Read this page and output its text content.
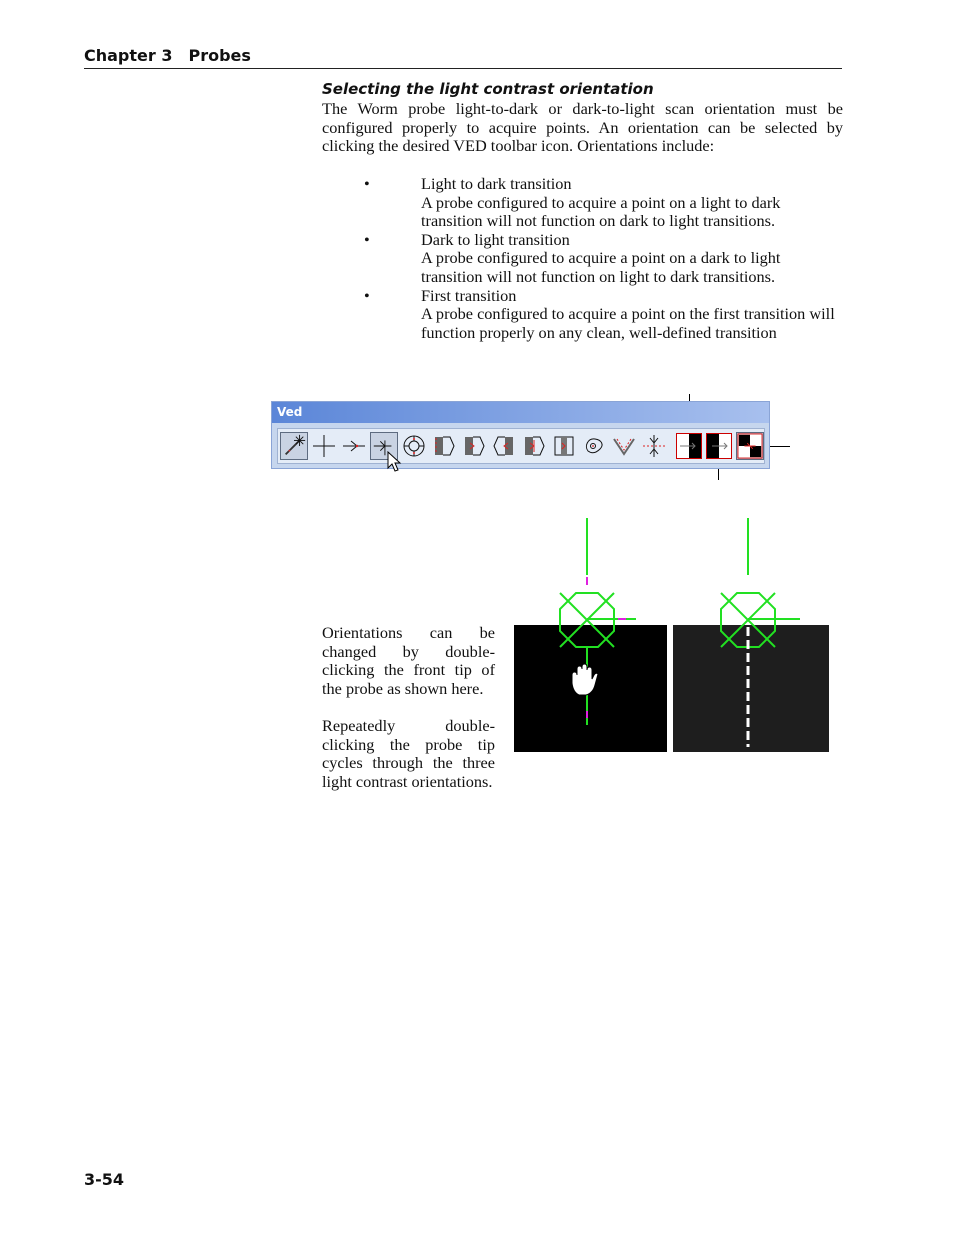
Chapter 3 Probes
Selecting the light contrast orientation
The Worm probe light-to-dark or dark-to-light scan orientation must be configured properly to acquire points. An orientation can be selected by clicking the desired VED toolbar icon. Orientations include:
•	Light to dark transition
A probe configured to acquire a point on a light to dark transition will not function on dark to light transitions.
•	Dark to light transition
A probe configured to acquire a point on a dark to light transition will not function on light to dark transitions.
•	First transition
A probe configured to acquire a point on the first transition will function properly on any clean, well-defined transition
Ved
Orientations can be changed by double-clicking the front tip of the probe as shown here.
Repeatedly double-clicking the probe tip cycles through the three light contrast orientations.
3-54
